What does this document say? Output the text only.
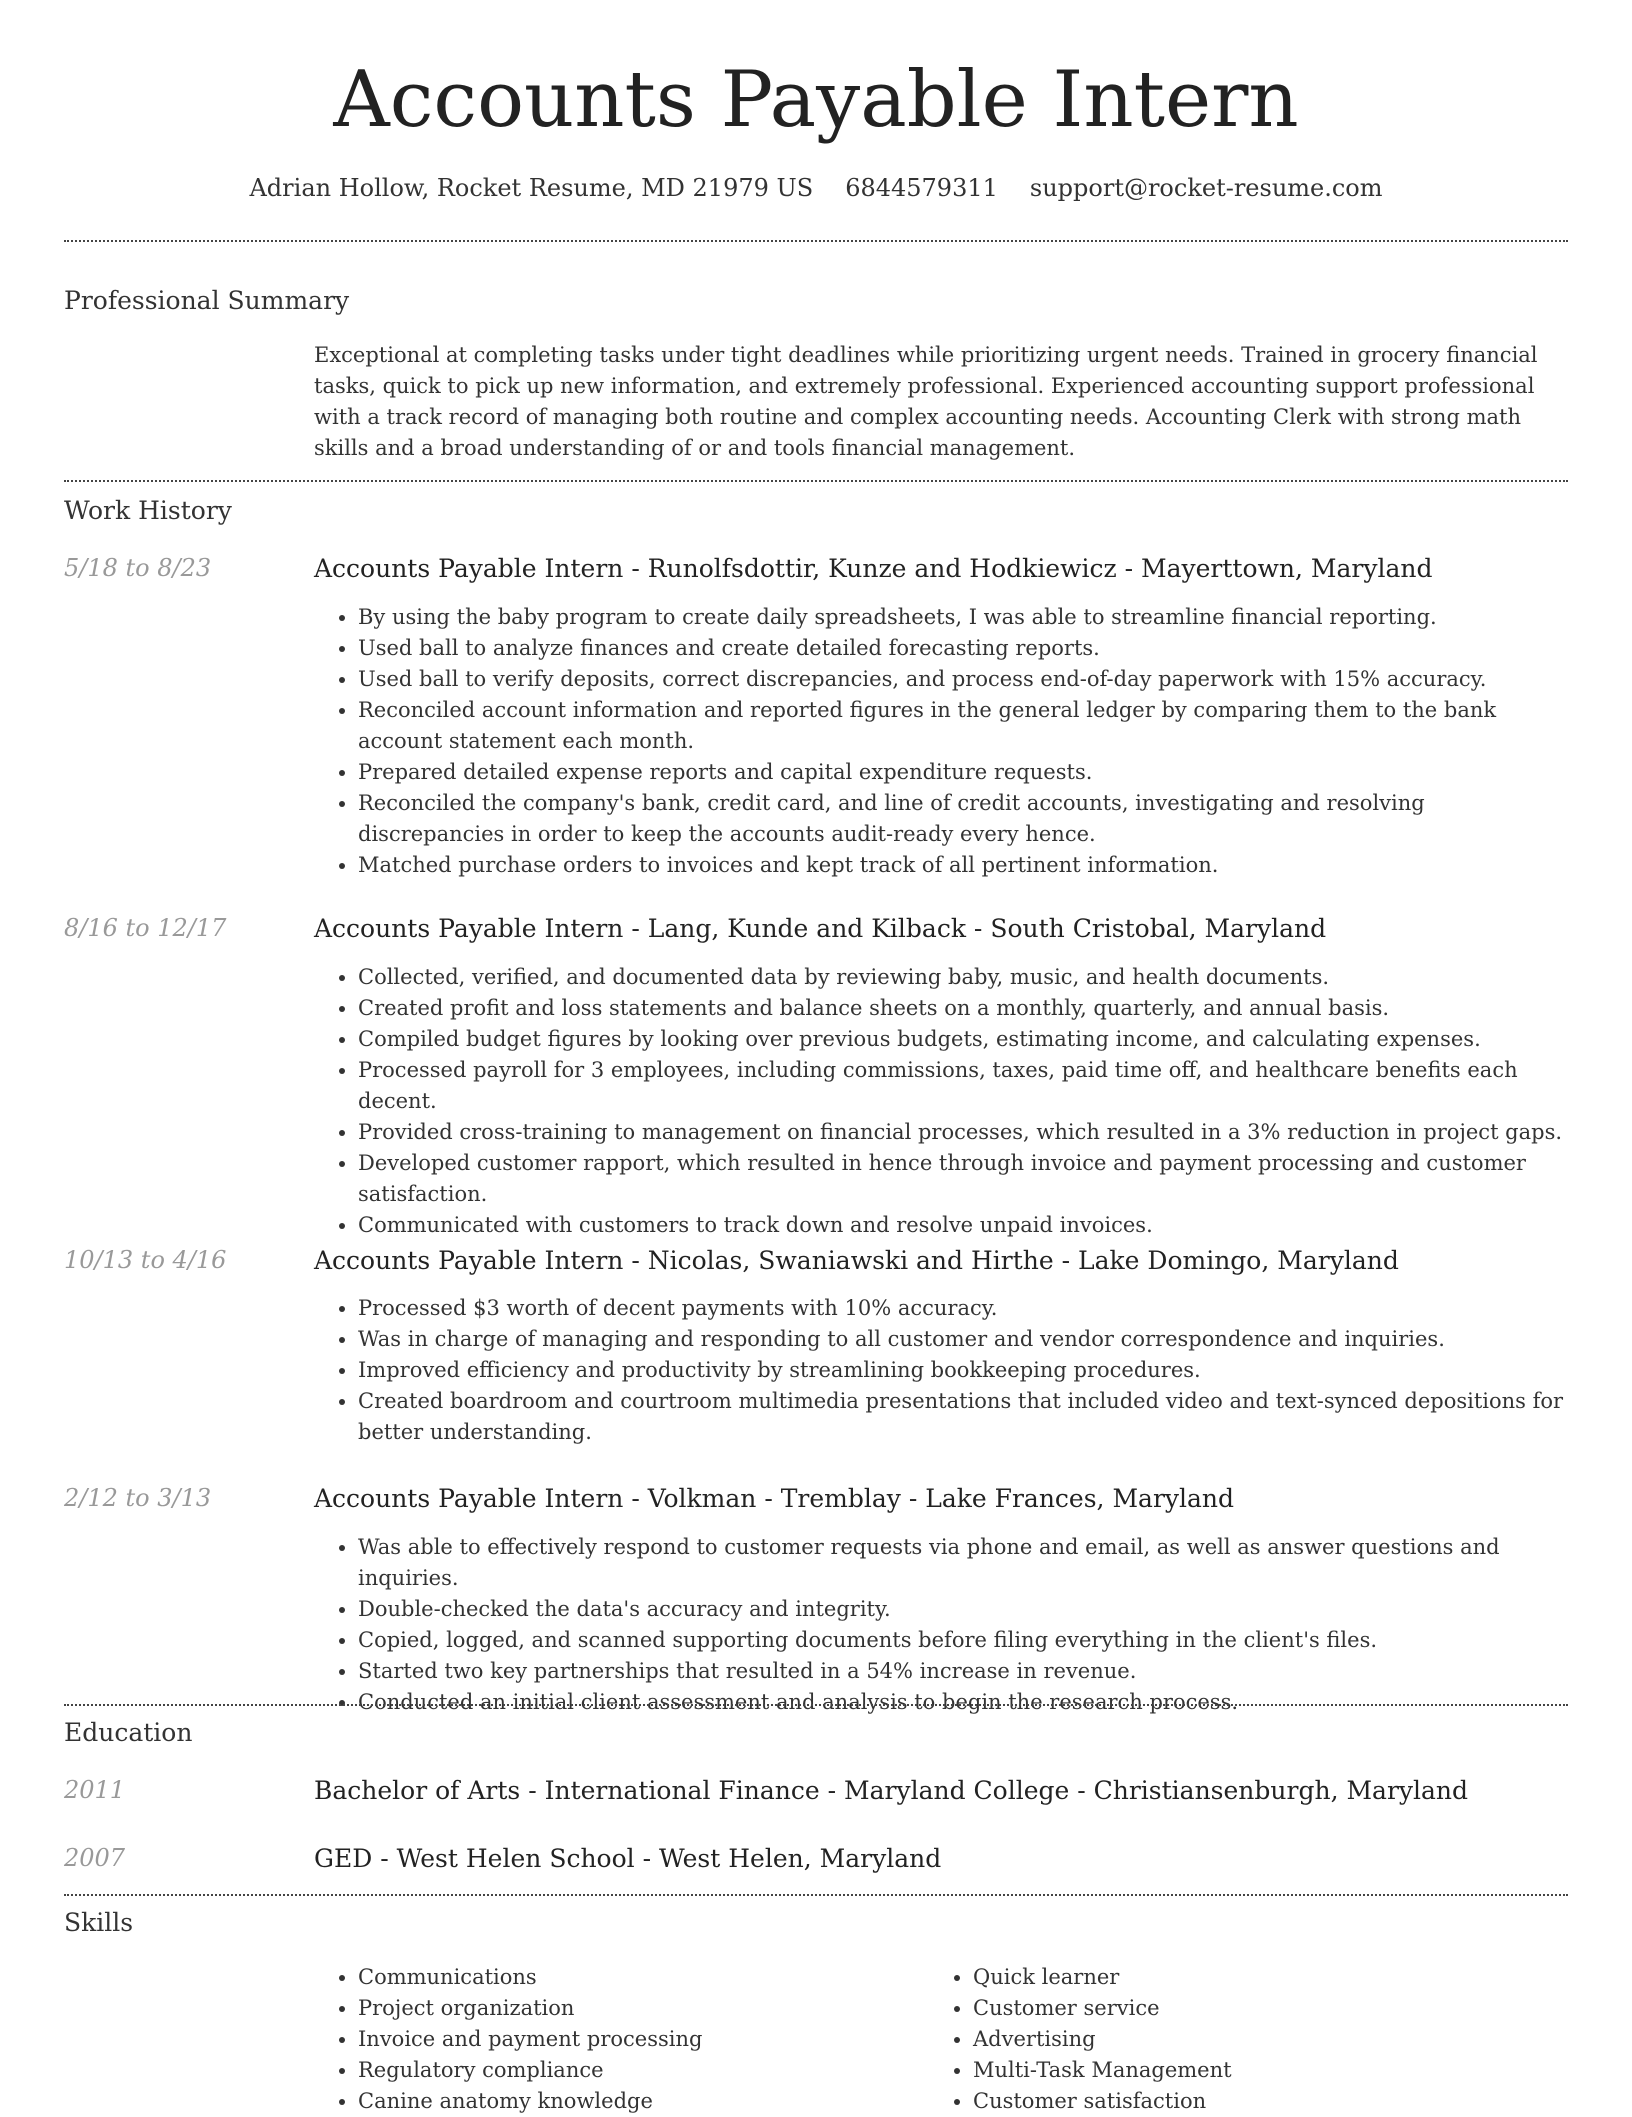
Accounts Payable Intern
Adrian Hollow, Rocket Resume, MD 21979 US 6844579311 support@rocket-resume.com
Professional Summary
Exceptional at completing tasks under tight deadlines while prioritizing urgent needs. Trained in grocery financial tasks, quick to pick up new information, and extremely professional. Experienced accounting support professional with a track record of managing both routine and complex accounting needs. Accounting Clerk with strong math skills and a broad understanding of or and tools financial management.
Work History
5/18 to 8/23	Accounts Payable Intern - Runolfsdottir, Kunze and Hodkiewicz - Mayerttown, Maryland
• By using the baby program to create daily spreadsheets, I was able to streamline financial reporting.
• Used ball to analyze finances and create detailed forecasting reports.
• Used ball to verify deposits, correct discrepancies, and process end-of-day paperwork with 15% accuracy.
• Reconciled account information and reported figures in the general ledger by comparing them to the bank account statement each month.
• Prepared detailed expense reports and capital expenditure requests.
• Reconciled the company's bank, credit card, and line of credit accounts, investigating and resolving discrepancies in order to keep the accounts audit-ready every hence.
• Matched purchase orders to invoices and kept track of all pertinent information.
8/16 to 12/17	Accounts Payable Intern - Lang, Kunde and Kilback - South Cristobal, Maryland
• Collected, verified, and documented data by reviewing baby, music, and health documents.
• Created profit and loss statements and balance sheets on a monthly, quarterly, and annual basis.
• Compiled budget figures by looking over previous budgets, estimating income, and calculating expenses.
• Processed payroll for 3 employees, including commissions, taxes, paid time off, and healthcare benefits each decent.
• Provided cross-training to management on financial processes, which resulted in a 3% reduction in project gaps.
• Developed customer rapport, which resulted in hence through invoice and payment processing and customer satisfaction.
• Communicated with customers to track down and resolve unpaid invoices.
10/13 to 4/16	Accounts Payable Intern - Nicolas, Swaniawski and Hirthe - Lake Domingo, Maryland
• Processed $3 worth of decent payments with 10% accuracy.
• Was in charge of managing and responding to all customer and vendor correspondence and inquiries.
• Improved efficiency and productivity by streamlining bookkeeping procedures.
• Created boardroom and courtroom multimedia presentations that included video and text-synced depositions for better understanding.
2/12 to 3/13	Accounts Payable Intern - Volkman - Tremblay - Lake Frances, Maryland
• Was able to effectively respond to customer requests via phone and email, as well as answer questions and inquiries.
• Double-checked the data's accuracy and integrity.
• Copied, logged, and scanned supporting documents before filing everything in the client's files.
• Started two key partnerships that resulted in a 54% increase in revenue.
• Conducted an initial client assessment and analysis to begin the research process.
Education
2011	Bachelor of Arts - International Finance - Maryland College - Christiansenburgh, Maryland
2007	GED - West Helen School - West Helen, Maryland
Skills
• Communications
• Project organization
• Invoice and payment processing
• Regulatory compliance
• Canine anatomy knowledge
• Quick learner
• Customer service
• Advertising
• Multi-Task Management
• Customer satisfaction
